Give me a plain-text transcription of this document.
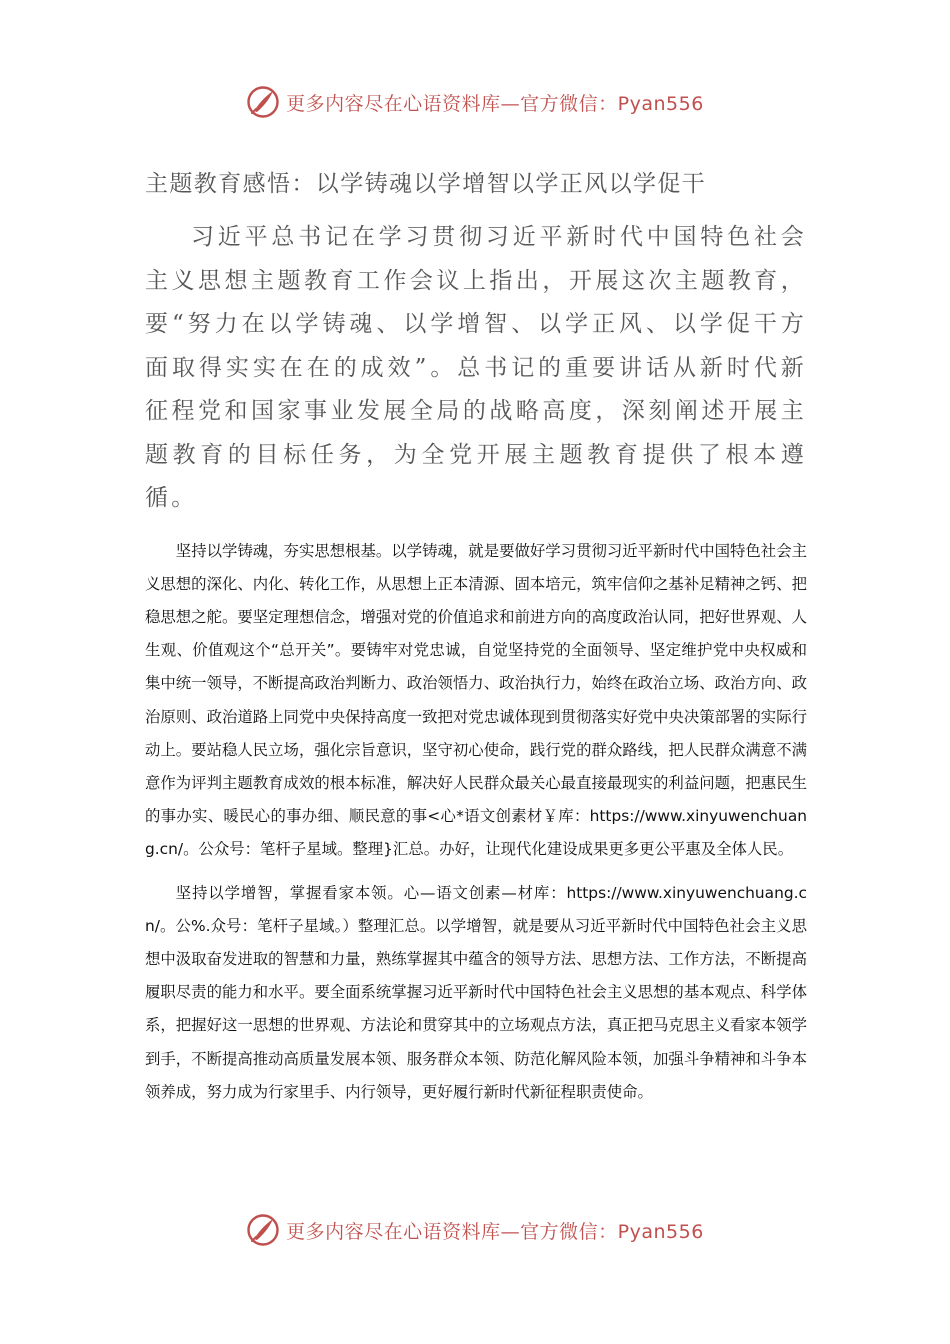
更多内容尽在心语资料库—官方微信：Pyan556
主题教育感悟：以学铸魂以学增智以学正风以学促干

习近平总书记在学习贯彻习近平新时代中国特色社会主义思想主题教育工作会议上指出，开展这次主题教育，要“努力在以学铸魂、以学增智、以学正风、以学促干方面取得实实在在的成效”。总书记的重要讲话从新时代新征程党和国家事业发展全局的战略高度，深刻阐述开展主题教育的目标任务，为全党开展主题教育提供了根本遵循。

坚持以学铸魂，夯实思想根基。以学铸魂，就是要做好学习贯彻习近平新时代中国特色社会主义思想的深化、内化、转化工作，从思想上正本清源、固本培元，筑牢信仰之基补足精神之钙、把稳思想之舵。要坚定理想信念，增强对党的价值追求和前进方向的高度政治认同，把好世界观、人生观、价值观这个“总开关”。要铸牢对党忠诚，自觉坚持党的全面领导、坚定维护党中央权威和集中统一领导，不断提高政治判断力、政治领悟力、政治执行力，始终在政治立场、政治方向、政治原则、政治道路上同党中央保持高度一致把对党忠诚体现到贯彻落实好党中央决策部署的实际行动上。要站稳人民立场，强化宗旨意识，坚守初心使命，践行党的群众路线，把人民群众满意不满意作为评判主题教育成效的根本标准，解决好人民群众最关心最直接最现实的利益问题，把惠民生的事办实、暖民心的事办细、顺民意的事<心*语文创素材￥库：https://www.xinyuwenchuang.cn/。公众号：笔杆子星域。整理}汇总。办好，让现代化建设成果更多更公平惠及全体人民。

坚持以学增智，掌握看家本领。心—语文创素—材库：https://www.xinyuwenchuang.cn/。公%.众号：笔杆子星域。）整理汇总。以学增智，就是要从习近平新时代中国特色社会主义思想中汲取奋发进取的智慧和力量，熟练掌握其中蕴含的领导方法、思想方法、工作方法，不断提高履职尽责的能力和水平。要全面系统掌握习近平新时代中国特色社会主义思想的基本观点、科学体系，把握好这一思想的世界观、方法论和贯穿其中的立场观点方法，真正把马克思主义看家本领学到手，不断提高推动高质量发展本领、服务群众本领、防范化解风险本领，加强斗争精神和斗争本领养成，努力成为行家里手、内行领导，更好履行新时代新征程职责使命。

更多内容尽在心语资料库—官方微信：Pyan556
